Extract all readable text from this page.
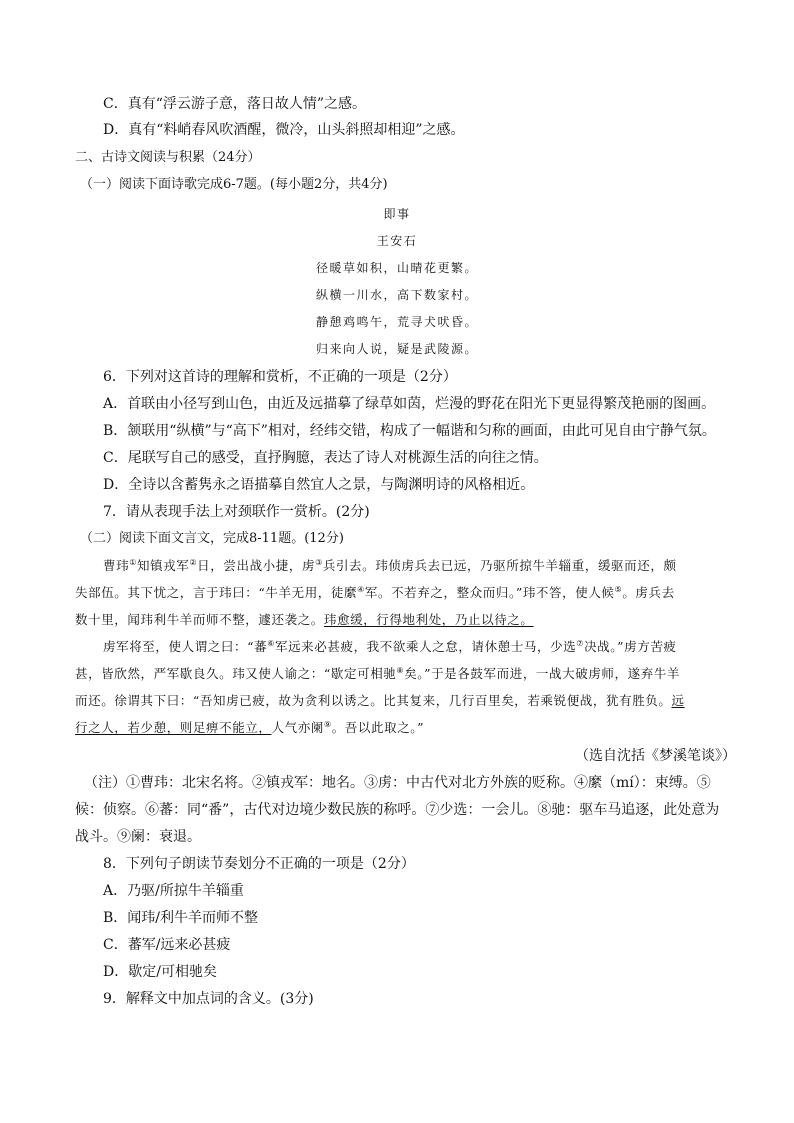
C．真有“浮云游子意，落日故人情”之感。
D．真有“料峭春风吹酒醒，微冷，山头斜照却相迎”之感。
二、古诗文阅读与积累（24分）
（一）阅读下面诗歌完成6-7题。(每小题2分，共4分)
即事
王安石
径暖草如积，山晴花更繁。
纵横一川水，高下数家村。
静憩鸡鸣午，荒寻犬吠昏。
归来向人说，疑是武陵源。
6．下列对这首诗的理解和赏析，不正确的一项是（2分）
A．首联由小径写到山色，由近及远描摹了绿草如茵，烂漫的野花在阳光下更显得繁茂艳丽的图画。
B．颔联用“纵横”与“高下”相对，经纬交错，构成了一幅谐和匀称的画面，由此可见自由宁静气氛。
C．尾联写自己的感受，直抒胸臆，表达了诗人对桃源生活的向往之情。
D．全诗以含蓄隽永之语描摹自然宜人之景，与陶渊明诗的风格相近。
7．请从表现手法上对颈联作一赏析。(2分)
（二）阅读下面文言文，完成8-11题。(12分)
曹玮①知镇戎军②日，尝出战小捷，虏③兵引去。玮侦虏兵去已远，乃驱所掠牛羊辎重，缓驱而还，颇
失部伍。其下忧之，言于玮曰：“牛羊无用，徒縻④军。不若弃之，整众而归。”玮不答，使人候⑤。虏兵去
数十里，闻玮利牛羊而师不整，遽还袭之。玮愈缓，行得地利处，乃止以待之。
虏军将至，使人谓之曰：“蕃⑥军远来必甚疲，我不欲乘人之怠，请休憩士马，少选⑦决战。”虏方苦疲
甚，皆欣然，严军歇良久。玮又使人谕之：“歇定可相驰⑧矣。”于是各鼓军而进，一战大破虏师，遂弃牛羊
而还。徐谓其下曰：“吾知虏已疲，故为贪利以诱之。比其复来，几行百里矣，若乘锐便战，犹有胜负。远
行之人，若少憩，则足痹不能立，人气亦阑⑨。吾以此取之。”
（选自沈括《梦溪笔谈》）
（注）①曹玮：北宋名将。②镇戎军：地名。③虏：中古代对北方外族的贬称。④縻（mí）：束缚。⑤
候：侦察。⑥蕃：同“番”，古代对边境少数民族的称呼。⑦少选：一会儿。⑧驰：驱车马追逐，此处意为
战斗。⑨阑：衰退。
8．下列句子朗读节奏划分不正确的一项是（2分）
A．乃驱/所掠牛羊辎重
B．闻玮/利牛羊而师不整
C．蕃军/远来必甚疲
D．歇定/可相驰矣
9．解释文中加点词的含义。(3分)
